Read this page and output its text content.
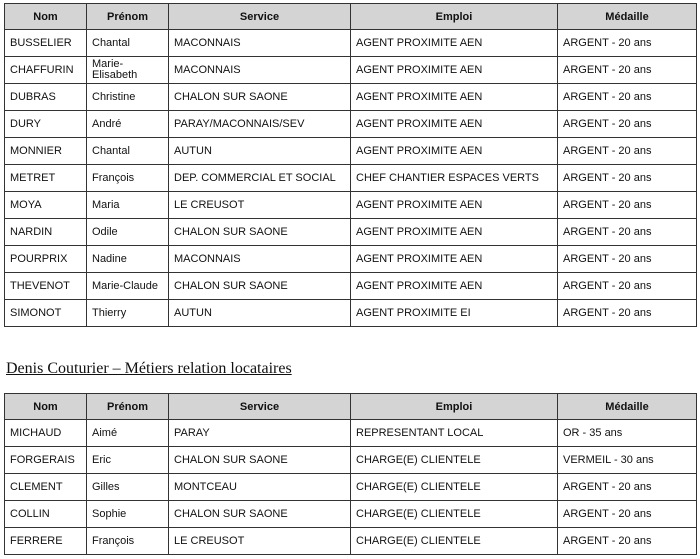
Nom	Prénom	Service	Emploi	Médaille
BUSSELIER	Chantal	MACONNAIS	AGENT PROXIMITE AEN	ARGENT - 20 ans
CHAFFURIN	Marie-Elisabeth	MACONNAIS	AGENT PROXIMITE AEN	ARGENT - 20 ans
DUBRAS	Christine	CHALON SUR SAONE	AGENT PROXIMITE AEN	ARGENT - 20 ans
DURY	André	PARAY/MACONNAIS/SEV	AGENT PROXIMITE AEN	ARGENT - 20 ans
MONNIER	Chantal	AUTUN	AGENT PROXIMITE AEN	ARGENT - 20 ans
METRET	François	DEP. COMMERCIAL ET SOCIAL	CHEF CHANTIER ESPACES VERTS	ARGENT - 20 ans
MOYA	Maria	LE CREUSOT	AGENT PROXIMITE AEN	ARGENT - 20 ans
NARDIN	Odile	CHALON SUR SAONE	AGENT PROXIMITE AEN	ARGENT - 20 ans
POURPRIX	Nadine	MACONNAIS	AGENT PROXIMITE AEN	ARGENT - 20 ans
THEVENOT	Marie-Claude	CHALON SUR SAONE	AGENT PROXIMITE AEN	ARGENT - 20 ans
SIMONOT	Thierry	AUTUN	AGENT PROXIMITE EI	ARGENT - 20 ans
Denis Couturier – Métiers relation locataires
Nom	Prénom	Service	Emploi	Médaille
MICHAUD	Aimé	PARAY	REPRESENTANT LOCAL	OR - 35 ans
FORGERAIS	Eric	CHALON SUR SAONE	CHARGE(E) CLIENTELE	VERMEIL - 30 ans
CLEMENT	Gilles	MONTCEAU	CHARGE(E) CLIENTELE	ARGENT - 20 ans
COLLIN	Sophie	CHALON SUR SAONE	CHARGE(E) CLIENTELE	ARGENT - 20 ans
FERRERE	François	LE CREUSOT	CHARGE(E) CLIENTELE	ARGENT - 20 ans
